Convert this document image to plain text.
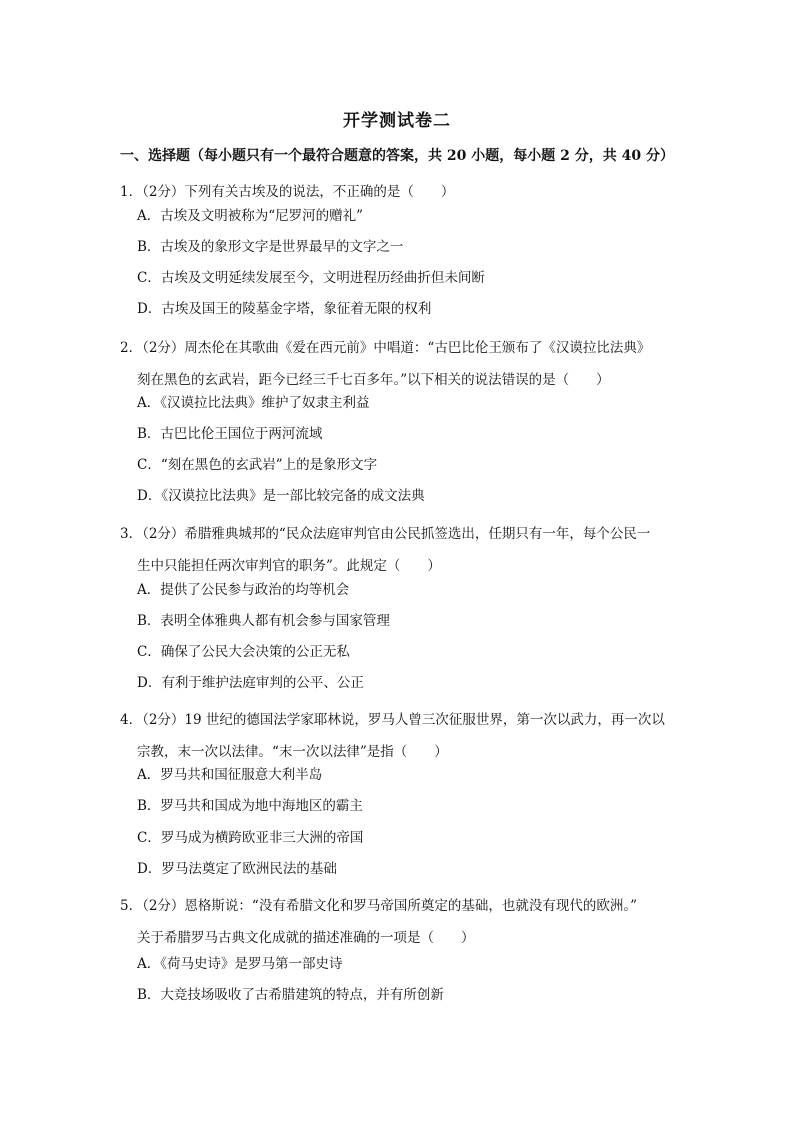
开学测试卷二
一、选择题（每小题只有一个最符合题意的答案，共 20 小题，每小题 2 分，共 40 分）
1．（2分）下列有关古埃及的说法，不正确的是（　　）
A．古埃及文明被称为“尼罗河的赠礼”
B．古埃及的象形文字是世界最早的文字之一
C．古埃及文明延续发展至今，文明进程历经曲折但未间断
D．古埃及国王的陵墓金字塔，象征着无限的权利
2．（2分）周杰伦在其歌曲《爱在西元前》中唱道：“古巴比伦王颁布了《汉谟拉比法典》
刻在黑色的玄武岩，距今已经三千七百多年。”以下相关的说法错误的是（　　）
A．《汉谟拉比法典》维护了奴隶主利益
B．古巴比伦王国位于两河流域
C．“刻在黑色的玄武岩”上的是象形文字
D．《汉谟拉比法典》是一部比较完备的成文法典
3．（2分）希腊雅典城邦的“民众法庭审判官由公民抓签选出，任期只有一年，每个公民一
生中只能担任两次审判官的职务”。此规定（　　）
A．提供了公民参与政治的均等机会
B．表明全体雅典人都有机会参与国家管理
C．确保了公民大会决策的公正无私
D．有利于维护法庭审判的公平、公正
4．（2分）19 世纪的德国法学家耶林说，罗马人曾三次征服世界，第一次以武力，再一次以
宗教，末一次以法律。“末一次以法律”是指（　　）
A．罗马共和国征服意大利半岛
B．罗马共和国成为地中海地区的霸主
C．罗马成为横跨欧亚非三大洲的帝国
D．罗马法奠定了欧洲民法的基础
5．（2分）恩格斯说：“没有希腊文化和罗马帝国所奠定的基础，也就没有现代的欧洲。”
关于希腊罗马古典文化成就的描述准确的一项是（　　）
A．《荷马史诗》是罗马第一部史诗
B．大竞技场吸收了古希腊建筑的特点，并有所创新
